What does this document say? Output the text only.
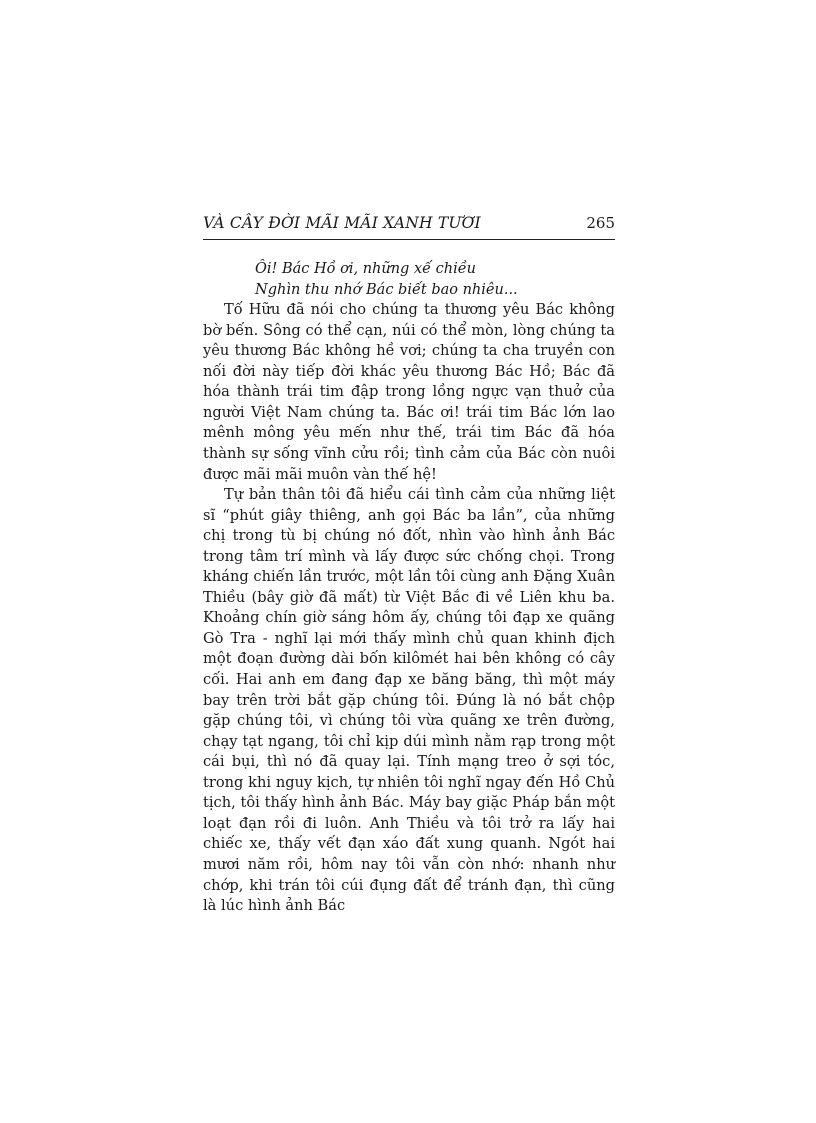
VÀ CÂY ĐỜI MÃI MÃI XANH TƯƠI	265
Ôi! Bác Hồ ơi, những xế chiều
Nghìn thu nhớ Bác biết bao nhiêu...

Tố Hữu đã nói cho chúng ta thương yêu Bác không bờ bến. Sông có thể cạn, núi có thể mòn, lòng chúng ta yêu thương Bác không hề vơi; chúng ta cha truyền con nối đời này tiếp đời khác yêu thương Bác Hồ; Bác đã hóa thành trái tim đập trong lồng ngực vạn thuở của người Việt Nam chúng ta. Bác ơi! trái tim Bác lớn lao mênh mông yêu mến như thế, trái tim Bác đã hóa thành sự sống vĩnh cửu rồi; tình cảm của Bác còn nuôi được mãi mãi muôn vàn thế hệ!

Tự bản thân tôi đã hiểu cái tình cảm của những liệt sĩ “phút giây thiêng, anh gọi Bác ba lần”, của những chị trong tù bị chúng nó đốt, nhìn vào hình ảnh Bác trong tâm trí mình và lấy được sức chống chọi. Trong kháng chiến lần trước, một lần tôi cùng anh Đặng Xuân Thiều (bây giờ đã mất) từ Việt Bắc đi về Liên khu ba. Khoảng chín giờ sáng hôm ấy, chúng tôi đạp xe quãng Gò Tra - nghĩ lại mới thấy mình chủ quan khinh địch một đoạn đường dài bốn kilômét hai bên không có cây cối. Hai anh em đang đạp xe băng băng, thì một máy bay trên trời bắt gặp chúng tôi. Đúng là nó bắt chộp gặp chúng tôi, vì chúng tôi vừa quãng xe trên đường, chạy tạt ngang, tôi chỉ kịp dúi mình nằm rạp trong một cái bụi, thì nó đã quay lại. Tính mạng treo ở sợi tóc, trong khi nguy kịch, tự nhiên tôi nghĩ ngay đến Hồ Chủ tịch, tôi thấy hình ảnh Bác. Máy bay giặc Pháp bắn một loạt đạn rồi đi luôn. Anh Thiều và tôi trở ra lấy hai chiếc xe, thấy vết đạn xáo đất xung quanh. Ngót hai mươi năm rồi, hôm nay tôi vẫn còn nhớ: nhanh như chớp, khi trán tôi cúi đụng đất để tránh đạn, thì cũng là lúc hình ảnh Bác
